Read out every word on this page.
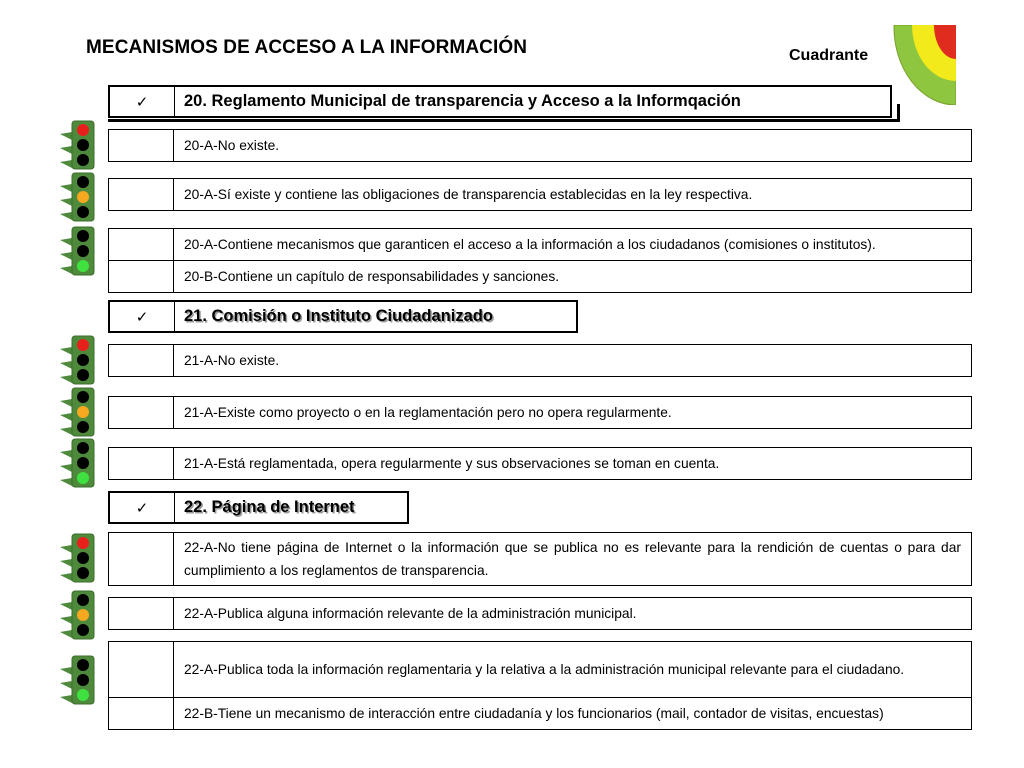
MECANISMOS DE ACCESO A LA INFORMACIÓN	Cuadrante
✓	20. Reglamento Municipal de transparencia y Acceso a la Informqación
20-A-No existe.
20-A-Sí existe y contiene las obligaciones de transparencia establecidas en la ley respectiva.
20-A-Contiene mecanismos que garanticen el acceso a la información a los ciudadanos (comisiones o institutos).
20-B-Contiene un capítulo de responsabilidades y sanciones.
✓	21. Comisión o Instituto Ciudadanizado
21-A-No existe.
21-A-Existe como proyecto o en la reglamentación pero no opera regularmente.
21-A-Está reglamentada, opera regularmente y sus observaciones se toman en cuenta.
✓	22. Página de Internet
22-A-No tiene página de Internet o la información que se publica no es relevante para la rendición de cuentas o para dar cumplimiento a los reglamentos de transparencia.
22-A-Publica alguna información relevante de la administración municipal.
22-A-Publica toda la información reglamentaria y la relativa a la administración municipal relevante para el ciudadano.
22-B-Tiene un mecanismo de interacción entre ciudadanía y los funcionarios (mail, contador de visitas, encuestas)
